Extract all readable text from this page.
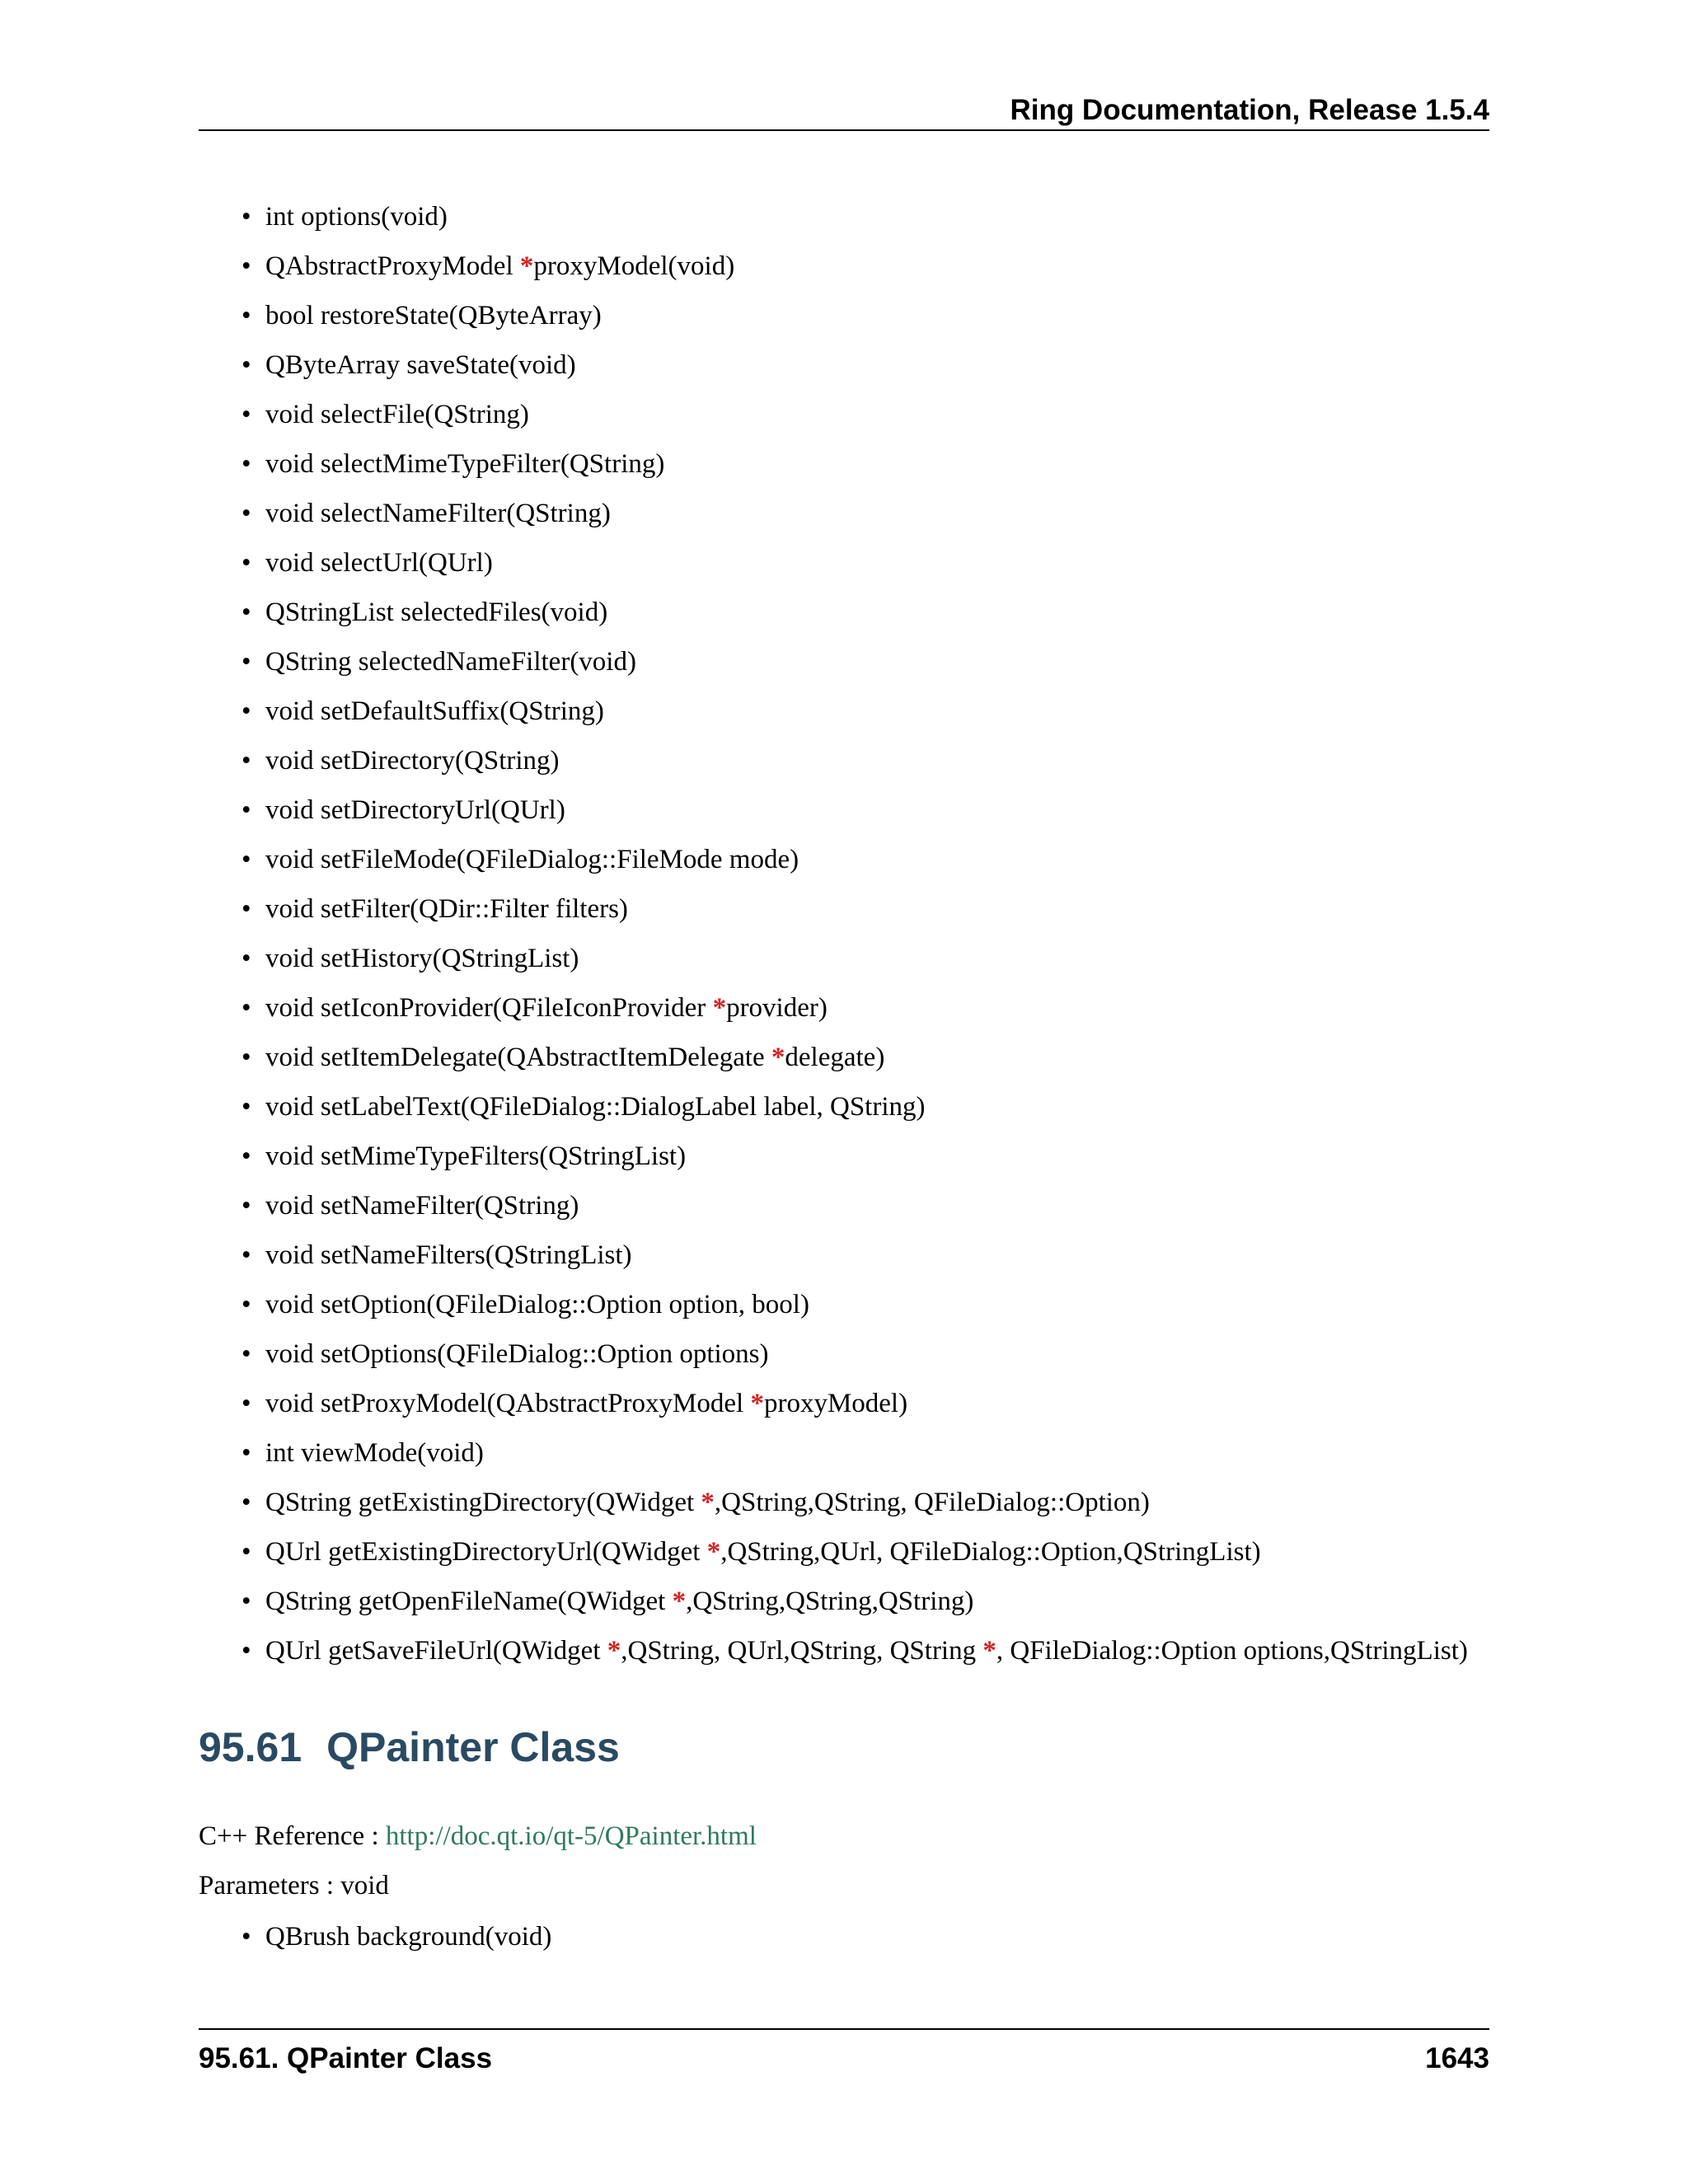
Ring Documentation, Release 1.5.4
• int options(void)
• QAbstractProxyModel *proxyModel(void)
• bool restoreState(QByteArray)
• QByteArray saveState(void)
• void selectFile(QString)
• void selectMimeTypeFilter(QString)
• void selectNameFilter(QString)
• void selectUrl(QUrl)
• QStringList selectedFiles(void)
• QString selectedNameFilter(void)
• void setDefaultSuffix(QString)
• void setDirectory(QString)
• void setDirectoryUrl(QUrl)
• void setFileMode(QFileDialog::FileMode mode)
• void setFilter(QDir::Filter filters)
• void setHistory(QStringList)
• void setIconProvider(QFileIconProvider *provider)
• void setItemDelegate(QAbstractItemDelegate *delegate)
• void setLabelText(QFileDialog::DialogLabel label, QString)
• void setMimeTypeFilters(QStringList)
• void setNameFilter(QString)
• void setNameFilters(QStringList)
• void setOption(QFileDialog::Option option, bool)
• void setOptions(QFileDialog::Option options)
• void setProxyModel(QAbstractProxyModel *proxyModel)
• int viewMode(void)
• QString getExistingDirectory(QWidget *,QString,QString, QFileDialog::Option)
• QUrl getExistingDirectoryUrl(QWidget *,QString,QUrl, QFileDialog::Option,QStringList)
• QString getOpenFileName(QWidget *,QString,QString,QString)
• QUrl getSaveFileUrl(QWidget *,QString, QUrl,QString, QString *, QFileDialog::Option options,QStringList)
95.61 QPainter Class

C++ Reference : http://doc.qt.io/qt-5/QPainter.html

Parameters : void

• QBrush background(void)
95.61. QPainter Class	1643
